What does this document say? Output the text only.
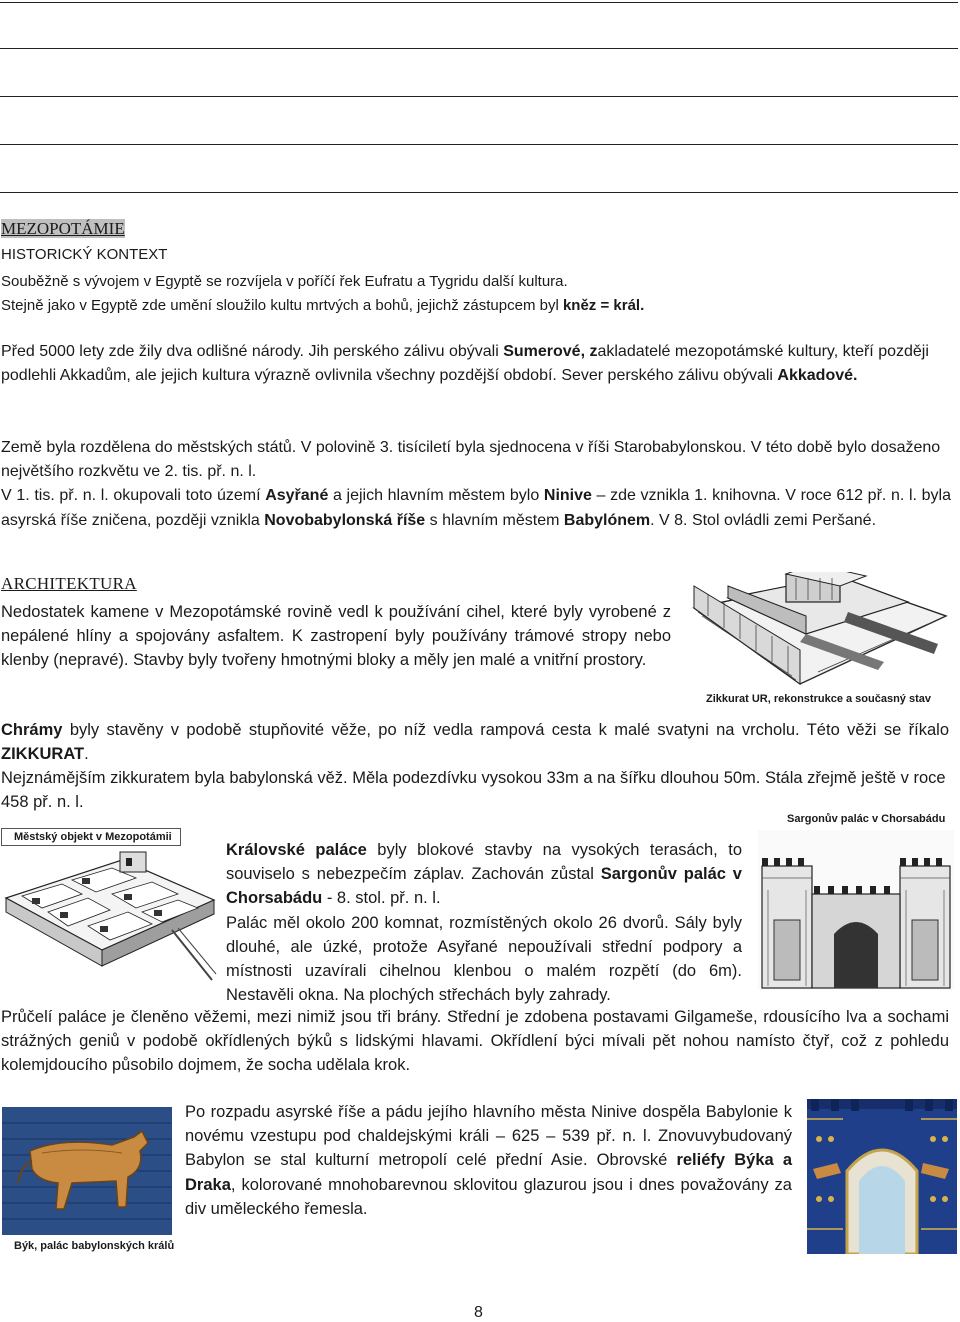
MEZOPOTÁMIE
HISTORICKÝ KONTEXT
Souběžně s vývojem v Egyptě se rozvíjela v poříčí řek Eufratu a Tygridu další kultura.
Stejně jako v Egyptě zde umění sloužilo kultu mrtvých a bohů, jejichž zástupcem byl kněz = král.
Před 5000 lety zde žily dva odlišné národy. Jih perského zálivu obývali Sumerové, zakladatelé mezopotámské kultury, kteří později podlehli Akkadům, ale jejich kultura výrazně ovlivnila všechny pozdější období. Sever perského zálivu obývali Akkadové.
Země byla rozdělena do městských států. V polovině 3. tisíciletí byla sjednocena v říši Starobabylonskou. V této době bylo dosaženo největšího rozkvětu ve 2. tis. př. n. l.
V 1. tis. př. n. l. okupovali toto území Asyřané a jejich hlavním městem bylo Ninive – zde vznikla 1. knihovna. V roce 612 př. n. l. byla asyrská říše zničena, později vznikla Novobabylonská říše s hlavním městem Babylónem. V 8. Stol ovládli zemi Peršané.
ARCHITEKTURA
Nedostatek kamene v Mezopotámské rovině vedl k používání cihel, které byly vyrobené z nepálené hlíny a spojovány asfaltem. K zastropení byly používány trámové stropy nebo klenby (nepravé). Stavby byly tvořeny hmotnými bloky a měly jen malé a vnitřní prostory.
Zikkurat UR, rekonstrukce a současný stav
Chrámy byly stavěny v podobě stupňovité věže, po níž vedla rampová cesta k malé svatyni na vrcholu. Této věži se říkalo ZIKKURAT.
Nejznámějším zikkuratem byla babylonská věž. Měla podezdívku vysokou 33m a na šířku dlouhou 50m. Stála zřejmě ještě v roce 458 př. n. l.
Sargonův palác v Chorsabádu
Městský objekt v Mezopotámii
Královské paláce byly blokové stavby na vysokých terasách, to souviselo s nebezpečím záplav. Zachován zůstal Sargonův palác v Chorsabádu - 8. stol. př. n. l.
Palác měl okolo 200 komnat, rozmístěných okolo 26 dvorů. Sály byly dlouhé, ale úzké, protože Asyřané nepoužívali střední podpory a místnosti uzavírali cihelnou klenbou o malém rozpětí (do 6m). Nestavěli okna. Na plochých střechách byly zahrady.
Průčelí paláce je členěno věžemi, mezi nimiž jsou tři brány. Střední je zdobena postavami Gilgameše, rdousícího lva a sochami strážných geniů v podobě okřídlených býků s lidskými hlavami. Okřídlení býci mívali pět nohou namísto čtyř, což z pohledu kolemjdoucího působilo dojmem, že socha udělala krok.
Býk, palác babylonských králů
Po rozpadu asyrské říše a pádu jejího hlavního města Ninive dospěla Babylonie k novému vzestupu pod chaldejskými králi – 625 – 539 př. n. l. Znovuvybudovaný Babylon se stal kulturní metropolí celé přední Asie. Obrovské reliéfy Býka a Draka, kolorované mnohobarevnou sklovitou glazurou jsou i dnes považovány za div uměleckého řemesla.
8
